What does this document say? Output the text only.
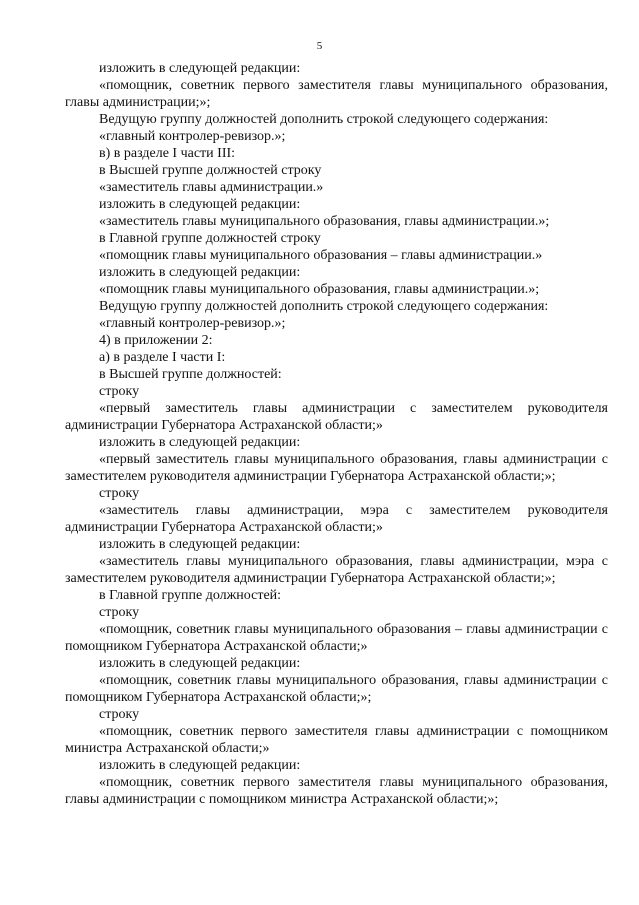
5

изложить в следующей редакции:

«помощник, советник первого заместителя главы муниципального образования, главы администрации;»;

Ведущую группу должностей дополнить строкой следующего содержания:

«главный контролер-ревизор.»;

в) в разделе I части III:

в Высшей группе должностей строку

«заместитель главы администрации.»

изложить в следующей редакции:

«заместитель главы муниципального образования, главы администрации.»;

в Главной группе должностей строку

«помощник главы муниципального образования – главы администрации.»

изложить в следующей редакции:

«помощник главы муниципального образования, главы администрации.»;

Ведущую группу должностей дополнить строкой следующего содержания:

«главный контролер-ревизор.»;

4) в приложении 2:

а) в разделе I части I:

в Высшей группе должностей:

строку

«первый заместитель главы администрации с заместителем руководителя администрации Губернатора Астраханской области;»

изложить в следующей редакции:

«первый заместитель главы муниципального образования, главы администрации с заместителем руководителя администрации Губернатора Астраханской области;»;

строку

«заместитель главы администрации, мэра с заместителем руководителя администрации Губернатора Астраханской области;»

изложить в следующей редакции:

«заместитель главы муниципального образования, главы администрации, мэра с заместителем руководителя администрации Губернатора Астраханской области;»;

в Главной группе должностей:

строку

«помощник, советник главы муниципального образования – главы администрации с помощником Губернатора Астраханской области;»

изложить в следующей редакции:

«помощник, советник главы муниципального образования, главы администрации с помощником Губернатора Астраханской области;»;

строку

«помощник, советник первого заместителя главы администрации с помощником министра Астраханской области;»

изложить в следующей редакции:

«помощник, советник первого заместителя главы муниципального образования, главы администрации с помощником министра Астраханской области;»;
